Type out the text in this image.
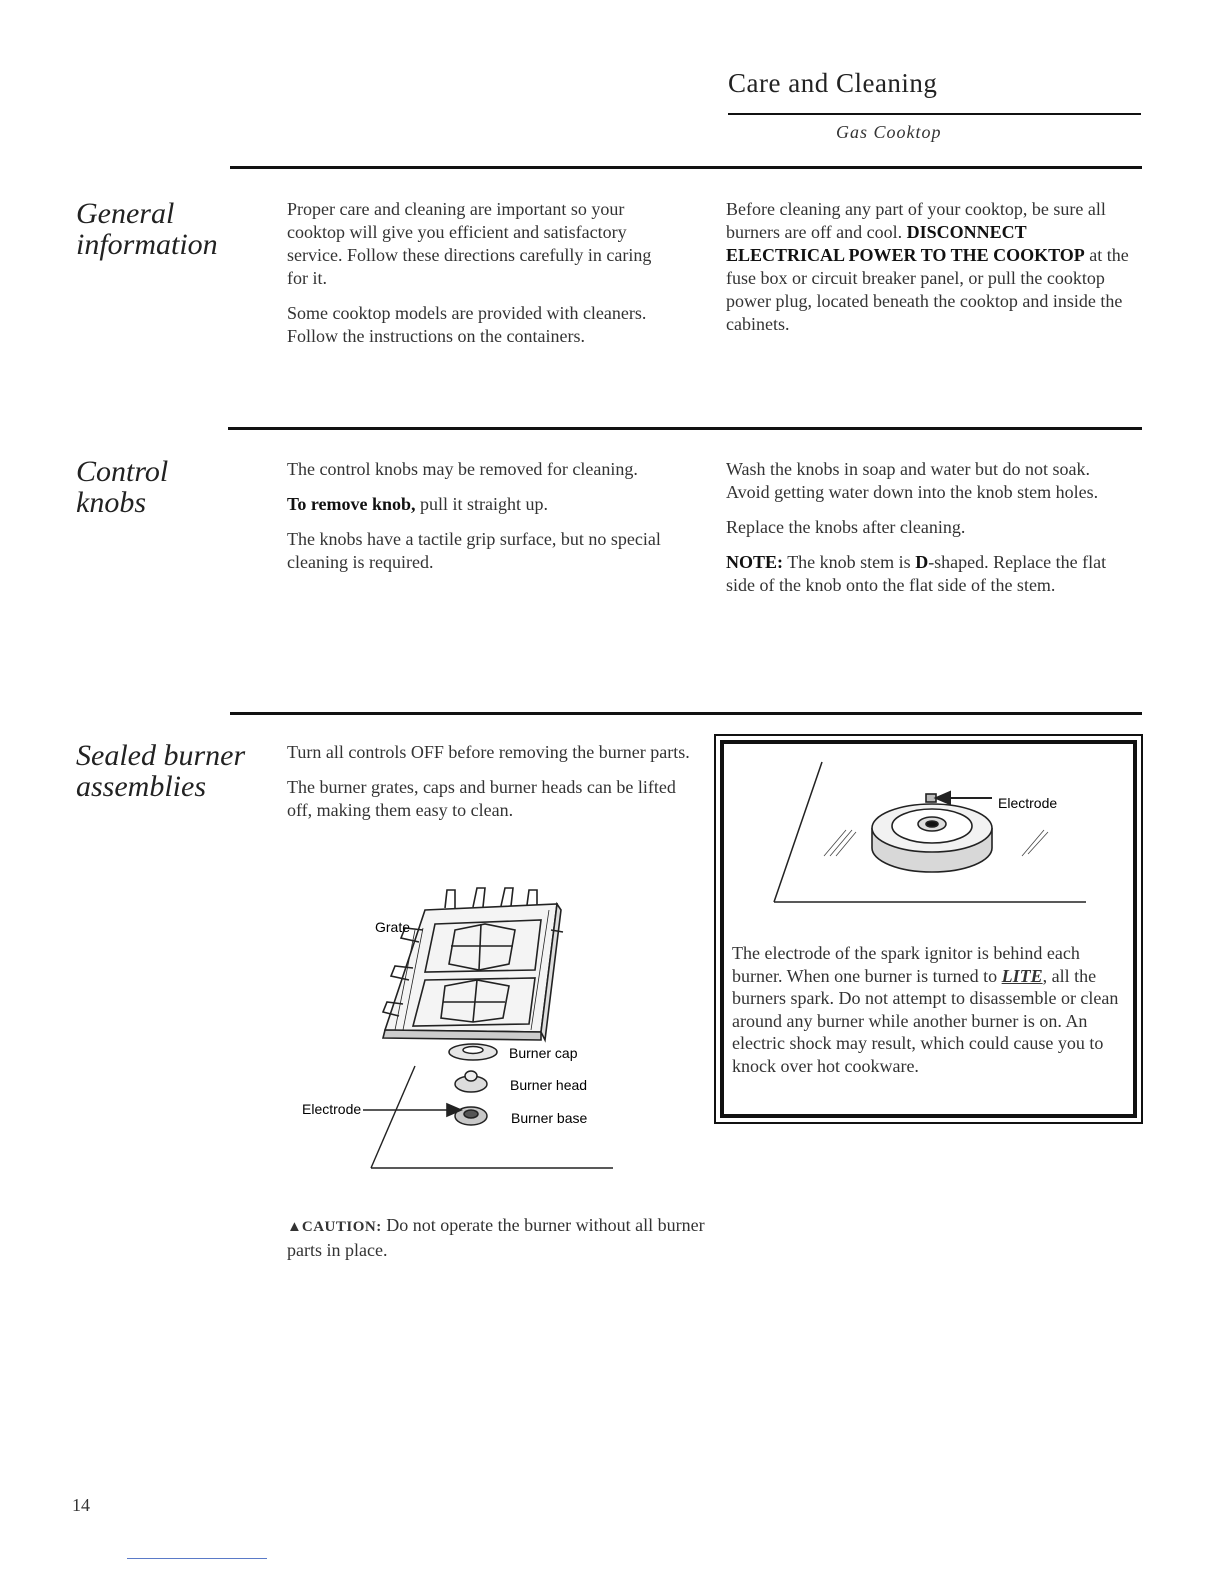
Care and Cleaning
Gas Cooktop
General
information

Proper care and cleaning are important so your cooktop will give you efficient and satisfactory service. Follow these directions carefully in caring for it.

Some cooktop models are provided with cleaners. Follow the instructions on the containers.

Before cleaning any part of your cooktop, be sure all burners are off and cool. DISCONNECT ELECTRICAL POWER TO THE COOKTOP at the fuse box or circuit breaker panel, or pull the cooktop power plug, located beneath the cooktop and inside the cabinets.

Control
knobs

The control knobs may be removed for cleaning.

To remove knob, pull it straight up.

The knobs have a tactile grip surface, but no special cleaning is required.

Wash the knobs in soap and water but do not soak. Avoid getting water down into the knob stem holes.

Replace the knobs after cleaning.

NOTE: The knob stem is D-shaped. Replace the flat side of the knob onto the flat side of the stem.

Sealed burner
assemblies

Turn all controls OFF before removing the burner parts.

The burner grates, caps and burner heads can be lifted off, making them easy to clean.

Grate
Burner cap
Burner head
Burner base
Electrode
▲CAUTION: Do not operate the burner without all burner parts in place.
Electrode
The electrode of the spark ignitor is behind each burner. When one burner is turned to LITE, all the burners spark. Do not attempt to disassemble or clean around any burner while another burner is on. An electric shock may result, which could cause you to knock over hot cookware.
14
